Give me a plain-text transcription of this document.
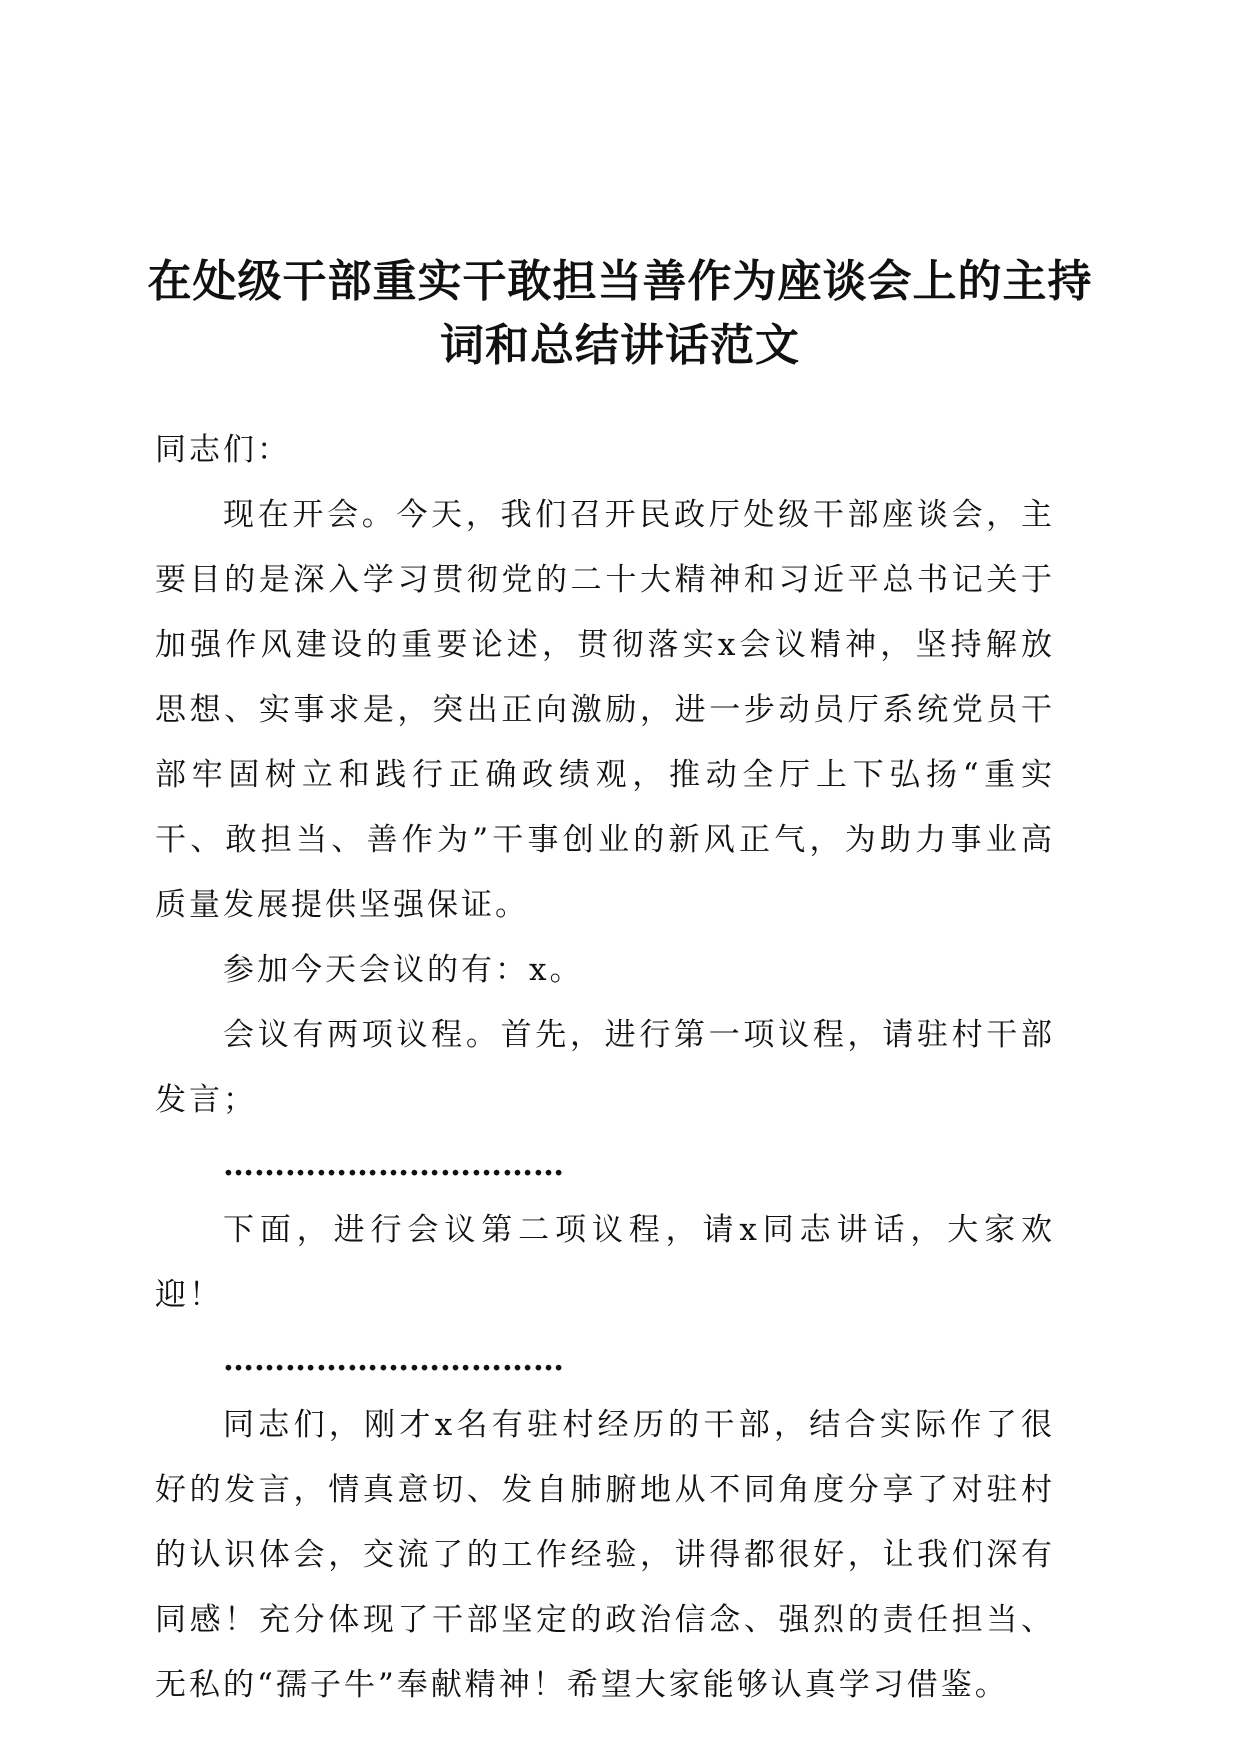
在处级干部重实干敢担当善作为座谈会上的主持词和总结讲话范文

同志们：

现在开会。今天，我们召开民政厅处级干部座谈会，主要目的是深入学习贯彻党的二十大精神和习近平总书记关于加强作风建设的重要论述，贯彻落实x会议精神，坚持解放思想、实事求是，突出正向激励，进一步动员厅系统党员干部牢固树立和践行正确政绩观，推动全厅上下弘扬“重实干、敢担当、善作为”干事创业的新风正气，为助力事业高质量发展提供坚强保证。

参加今天会议的有：x。

会议有两项议程。首先，进行第一项议程，请驻村干部发言；

……………………………

下面，进行会议第二项议程，请x同志讲话，大家欢迎！

……………………………

同志们，刚才x名有驻村经历的干部，结合实际作了很好的发言，情真意切、发自肺腑地从不同角度分享了对驻村的认识体会，交流了的工作经验，讲得都很好，让我们深有同感！充分体现了干部坚定的政治信念、强烈的责任担当、无私的“孺子牛”奉献精神！希望大家能够认真学习借鉴。
